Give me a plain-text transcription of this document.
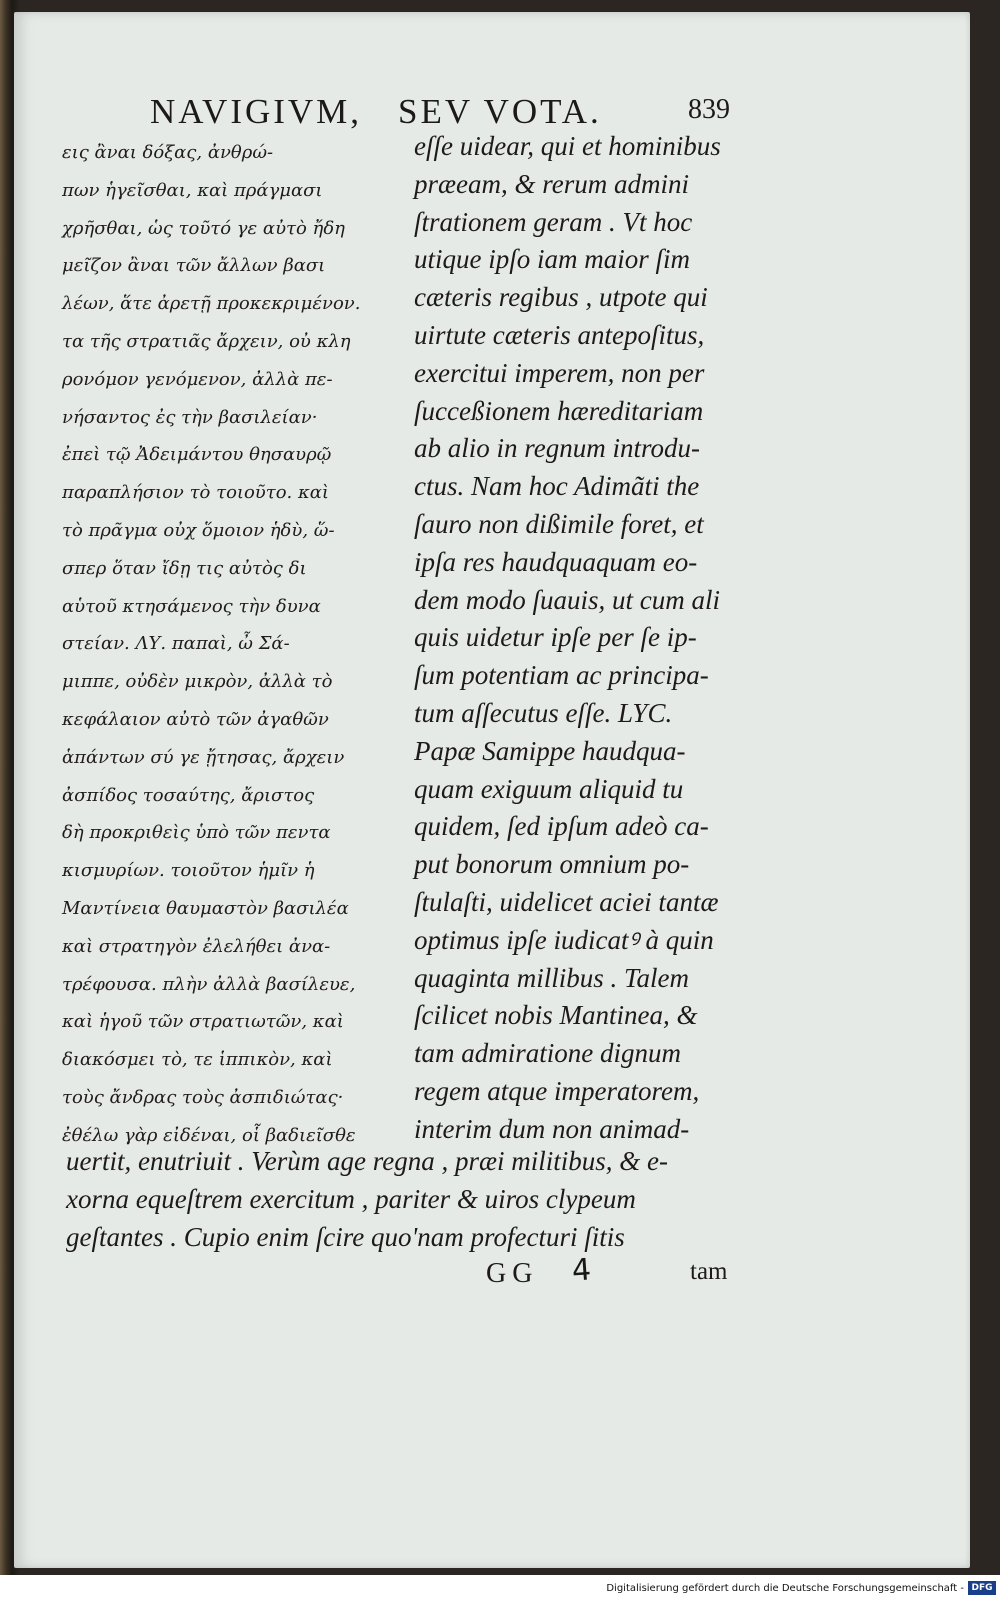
NAVIGIVM, SEV VOTA.	839
εις ἂναι δόξας, ἀνθρώ-
πων ἡγεῖσθαι, καὶ πράγμασι
χρῆσθαι, ὡς τοῦτό γε αὐτὸ ἤδη
μεῖζον ἂναι τῶν ἄλλων βασι
λέων, ἅτε ἀρετῇ προκεκριμένον.
τα τῆς στρατιᾶς ἄρχειν, οὐ κλη
ρονόμον γενόμενον, ἀλλὰ πε-
νήσαντος ἐς τὴν βασιλείαν·
ἐπεὶ τῷ Ἀδειμάντου θησαυρῷ
παραπλήσιον τὸ τοιοῦτο. καὶ
τὸ πρᾶγμα οὐχ ὅμοιον ἡδὺ, ὥ-
σπερ ὅταν ἴδῃ τις αὐτὸς δι
αὑτοῦ κτησάμενος τὴν δυνα
στείαν. ΛΥ. παπαὶ, ὦ Σά-
μιππε, οὐδὲν μικρὸν, ἀλλὰ τὸ
κεφάλαιον αὐτὸ τῶν ἀγαθῶν
ἁπάντων σύ γε ᾔτησας, ἄρχειν
ἀσπίδος τοσαύτης, ἄριστος
δὴ προκριθεὶς ὑπὸ τῶν πεντα
κισμυρίων. τοιοῦτον ἡμῖν ἡ
Μαντίνεια θαυμαστὸν βασιλέα
καὶ στρατηγὸν ἐλελήθει ἀνα-
τρέφουσα. πλὴν ἀλλὰ βασίλευε,
καὶ ἡγοῦ τῶν στρατιωτῶν, καὶ
διακόσμει τὸ, τε ἱππικὸν, καὶ
τοὺς ἄνδρας τοὺς ἀσπιδιώτας·
ἐθέλω γὰρ εἰδέναι, οἷ βαδιεῖσθε
eſſe uidear, qui et hominibus
præeam, & rerum admini
ſtrationem geram . Vt hoc
utique ipſo iam maior ſim
cæteris regibus , utpote qui
uirtute cæteris antepoſitus,
exercitui imperem, non per
ſucceßionem hæreditariam
ab alio in regnum introdu-
ctus. Nam hoc Adimãti the
ſauro non dißimile foret, et
ipſa res haudquaquam eo-
dem modo ſuauis, ut cum ali
quis uidetur ipſe per ſe ip-
ſum potentiam ac principa-
tum aſſecutus eſſe. LYC.
Papæ Samippe haudqua-
quam exiguum aliquid tu
quidem, ſed ipſum adeò ca-
put bonorum omnium po-
ſtulaſti, uidelicet aciei tantæ
optimus ipſe iudicatꝰ à quin
quaginta millibus . Talem
ſcilicet nobis Mantinea, &
tam admiratione dignum
regem atque imperatorem,
interim dum non animad-
uertit, enutriuit . Verùm age regna , præi militibus, & e-
xorna equeſtrem exercitum , pariter & uiros clypeum
geſtantes . Cupio enim ſcire quo'nam profecturi ſitis
GG 4	tam
Digitalisierung gefördert durch die Deutsche Forschungsgemeinschaft - DFG
